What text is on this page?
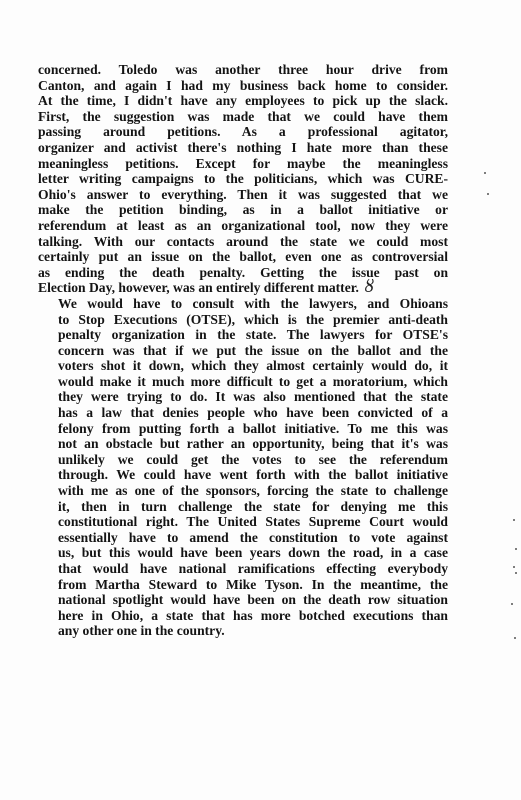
concerned. Toledo was another three hour drive from
Canton, and again I had my business back home to consider.
At the time, I didn't have any employees to pick up the slack.
First, the suggestion was made that we could have them
passing around petitions. As a professional agitator,
organizer and activist there's nothing I hate more than these
meaningless petitions. Except for maybe the meaningless
letter writing campaigns to the politicians, which was CURE-
Ohio's answer to everything. Then it was suggested that we
make the petition binding, as in a ballot initiative or
referendum at least as an organizational tool, now they were
talking. With our contacts around the state we could most
certainly put an issue on the ballot, even one as controversial
as ending the death penalty. Getting the issue past on
Election Day, however, was an entirely different matter. ȣ

We would have to consult with the lawyers, and Ohioans
to Stop Executions (OTSE), which is the premier anti-death
penalty organization in the state. The lawyers for OTSE's
concern was that if we put the issue on the ballot and the
voters shot it down, which they almost certainly would do, it
would make it much more difficult to get a moratorium, which
they were trying to do. It was also mentioned that the state
has a law that denies people who have been convicted of a
felony from putting forth a ballot initiative. To me this was
not an obstacle but rather an opportunity, being that it's was
unlikely we could get the votes to see the referendum
through. We could have went forth with the ballot initiative
with me as one of the sponsors, forcing the state to challenge
it, then in turn challenge the state for denying me this
constitutional right. The United States Supreme Court would
essentially have to amend the constitution to vote against
us, but this would have been years down the road, in a case
that would have national ramifications effecting everybody
from Martha Steward to Mike Tyson. In the meantime, the
national spotlight would have been on the death row situation
here in Ohio, a state that has more botched executions than
any other one in the country.
